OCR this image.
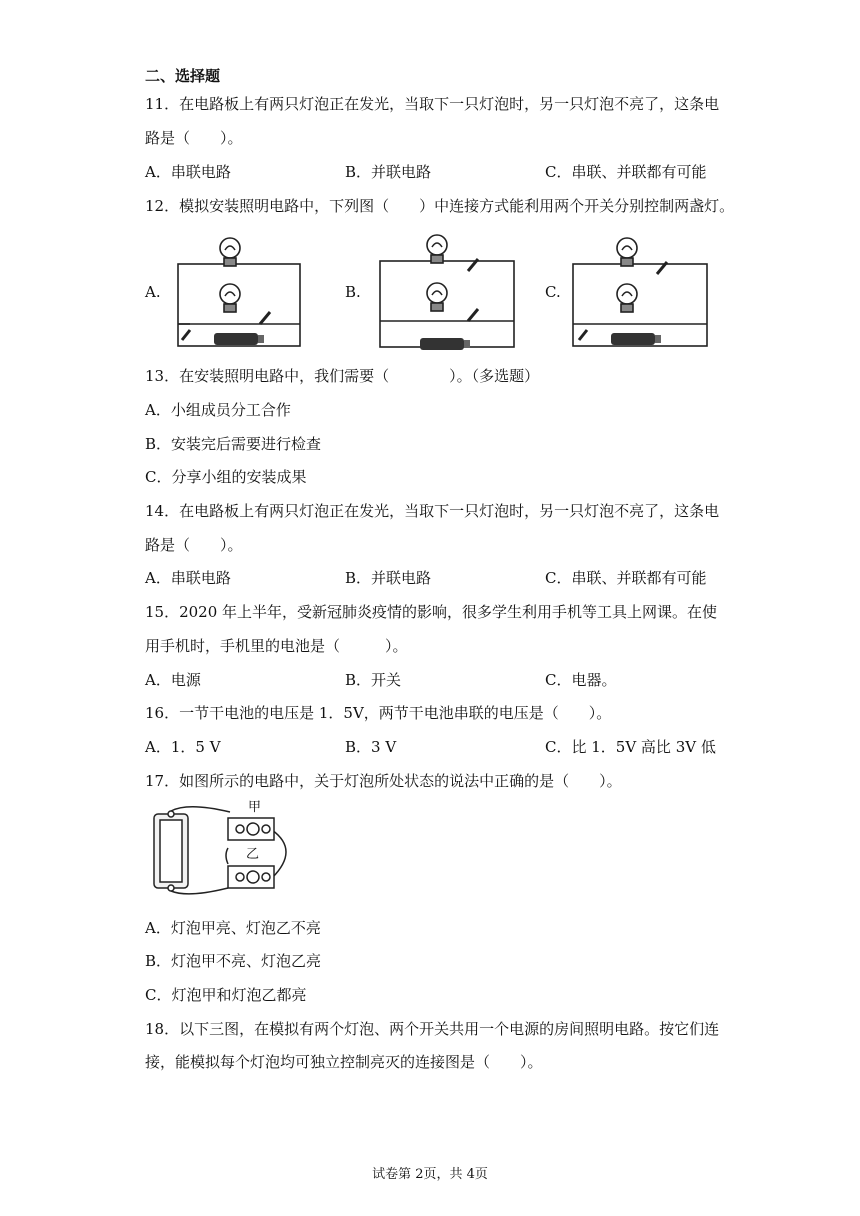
二、选择题
11．在电路板上有两只灯泡正在发光，当取下一只灯泡时，另一只灯泡不亮了，这条电
路是（　　）。
A．串联电路	B．并联电路	C．串联、并联都有可能
12．模拟安装照明电路中，下列图（　　）中连接方式能利用两个开关分别控制两盏灯。
A.	B.	C.
13．在安装照明电路中，我们需要（　　　　）。（多选题）
A．小组成员分工合作
B．安装完后需要进行检查
C．分享小组的安装成果
14．在电路板上有两只灯泡正在发光，当取下一只灯泡时，另一只灯泡不亮了，这条电
路是（　　）。
A．串联电路	B．并联电路	C．串联、并联都有可能
15．2020 年上半年，受新冠肺炎疫情的影响，很多学生利用手机等工具上网课。在使
用手机时，手机里的电池是（　　　）。
A．电源	B．开关	C．电器。
16．一节干电池的电压是 1．5V，两节干电池串联的电压是（　　）。
A．1．5 V	B．3 V	C．比 1．5V 高比 3V 低
17．如图所示的电路中，关于灯泡所处状态的说法中正确的是（　　）。
甲
乙
A．灯泡甲亮、灯泡乙不亮
B．灯泡甲不亮、灯泡乙亮
C．灯泡甲和灯泡乙都亮
18．以下三图，在模拟有两个灯泡、两个开关共用一个电源的房间照明电路。按它们连
接，能模拟每个灯泡均可独立控制亮灭的连接图是（　　）。
试卷第 2页，共 4页
